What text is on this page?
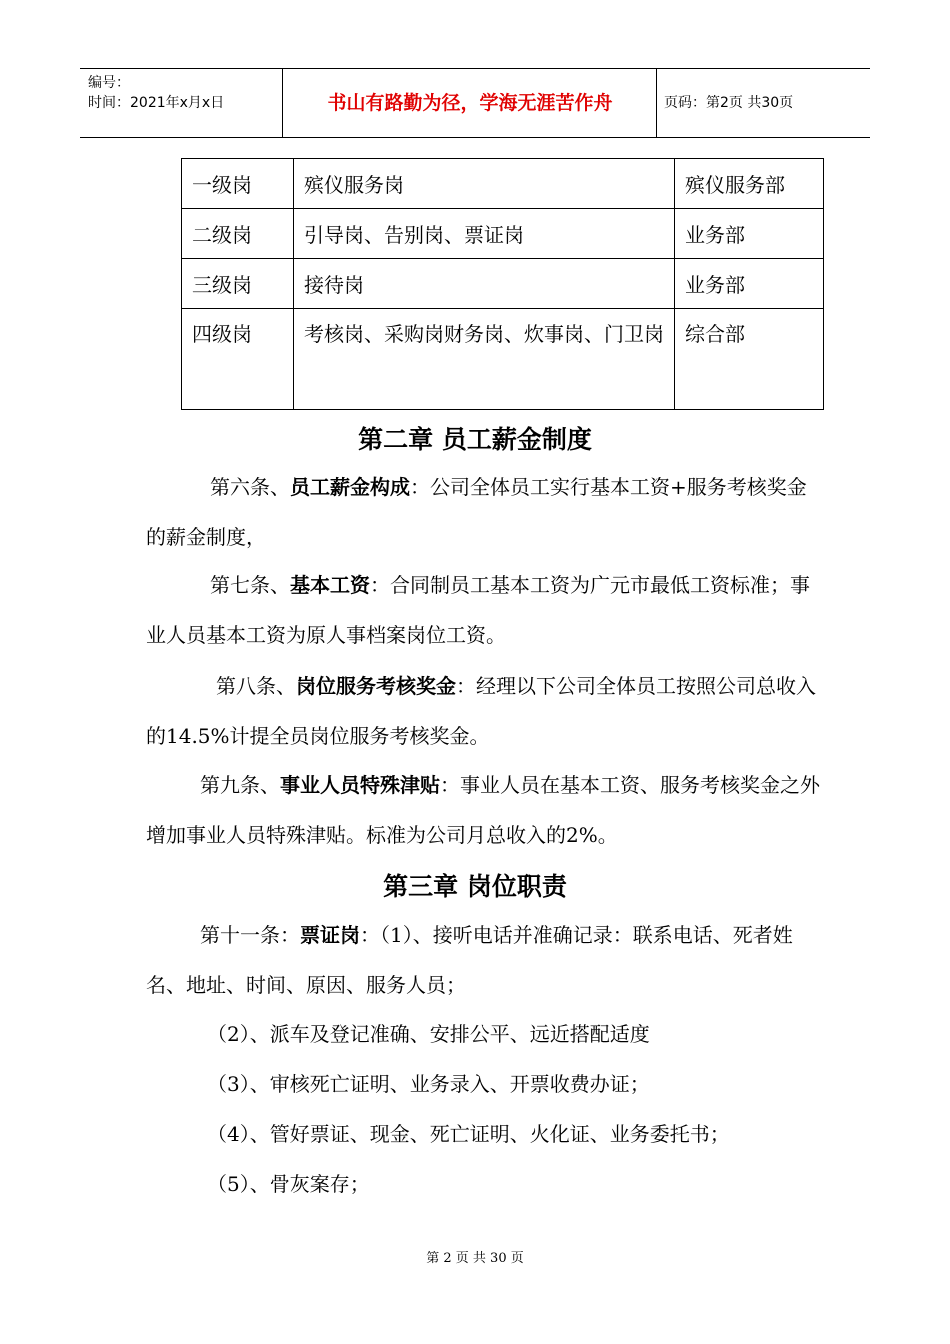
编号：
时间：2021年x月x日	书山有路勤为径，学海无涯苦作舟	页码：第2页 共30页
一级岗	殡仪服务岗	殡仪服务部
二级岗	引导岗、告别岗、票证岗	业务部
三级岗	接待岗	业务部
四级岗	考核岗、采购岗财务岗、炊事岗、门卫岗	综合部
第二章 员工薪金制度
第六条、员工薪金构成：公司全体员工实行基本工资+服务考核奖金的薪金制度，
第七条、基本工资：合同制员工基本工资为广元市最低工资标准；事业人员基本工资为原人事档案岗位工资。
第八条、岗位服务考核奖金：经理以下公司全体员工按照公司总收入的14.5%计提全员岗位服务考核奖金。
第九条、事业人员特殊津贴：事业人员在基本工资、服务考核奖金之外增加事业人员特殊津贴。标准为公司月总收入的2%。
第三章 岗位职责
第十一条：票证岗：（1）、接听电话并准确记录：联系电话、死者姓名、地址、时间、原因、服务人员；
（2）、派车及登记准确、安排公平、远近搭配适度
（3）、审核死亡证明、业务录入、开票收费办证；
（4）、管好票证、现金、死亡证明、火化证、业务委托书；
（5）、骨灰案存；
第 2 页 共 30 页
